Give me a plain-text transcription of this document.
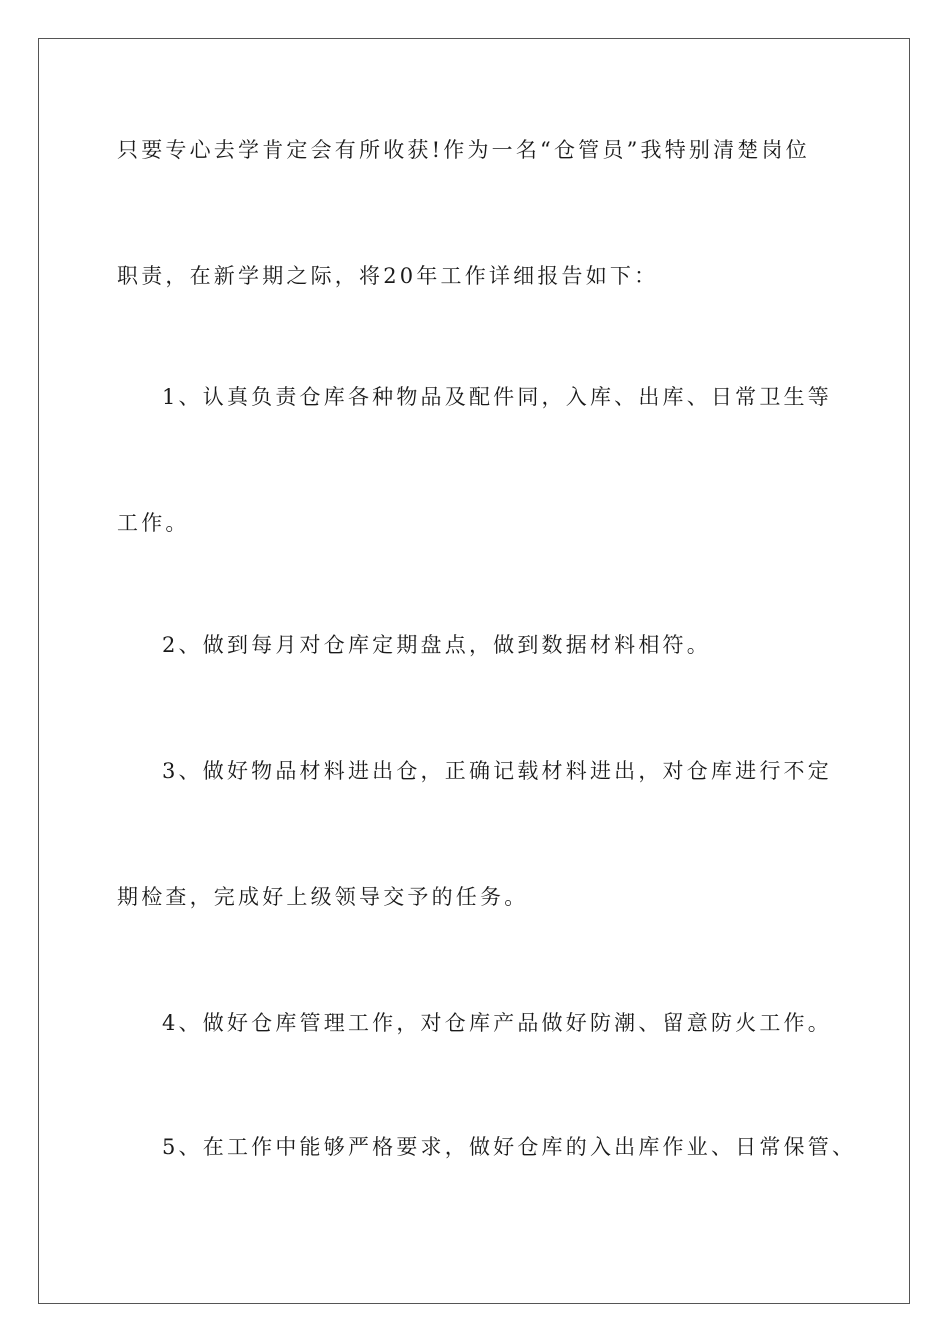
只要专心去学肯定会有所收获!作为一名“仓管员”我特别清楚岗位
职责，在新学期之际，将20年工作详细报告如下：
1、认真负责仓库各种物品及配件同，入库、出库、日常卫生等
工作。
2、做到每月对仓库定期盘点，做到数据材料相符。
3、做好物品材料进出仓，正确记载材料进出，对仓库进行不定
期检查，完成好上级领导交予的任务。
4、做好仓库管理工作，对仓库产品做好防潮、留意防火工作。
5、在工作中能够严格要求，做好仓库的入出库作业、日常保管、
